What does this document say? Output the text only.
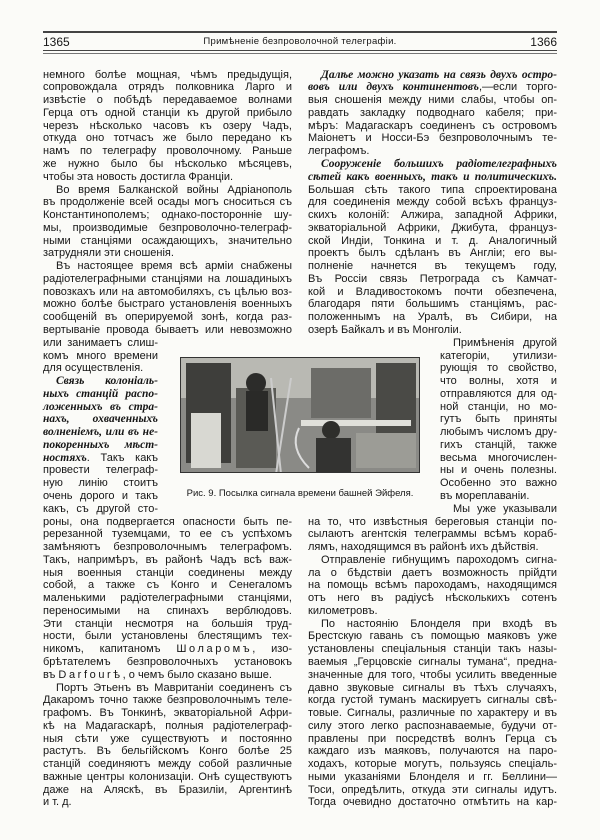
1365	Примѣненіе безпроволочной телеграфіи.	1366
Рис. 9. Посылка сигнала времени башней Эйфеля.
немного болѣе мощная, чѣмъ предыдущія,
сопровождала отрядъ полковника Ларго и
извѣстіе о побѣдѣ передаваемое волнами
Герца отъ одной станціи къ другой прибыло
черезъ нѣсколько часовъ къ озеру Чадъ,
откуда оно тотчасъ же было передано къ
намъ по телеграфу проволочному. Раньше
же нужно было бы нѣсколько мѣсяцевъ,
чтобы эта новость достигла Франціи.
Во время Балканской войны Адріанополь
въ продолженіе всей осады могъ сноситься съ
Константинополемъ; однако-посторонніе шу-
мы, производимые безпроволочно-телеграф-
ными станціями осаждающихъ, значительно
затрудняли эти сношенія.
Въ настоящее время всѣ арміи снабжены
радіотелеграфными станціями на лошадиныхъ
повозкахъ или на автомобиляхъ, съ цѣлью воз-
можно болѣе быстраго установленія военныхъ
сообщеній въ оперируемой зонѣ, когда раз-
вертываніе провода бываетъ или невозможно
или занимаетъ слиш-
комъ много времени
для осуществленія.
Связь колоніаль-
ныхъ станцій распо-
ложенныхъ въ стра-
нахъ, охваченныхъ
волненіемъ, или въ не-
покоренныхъ мѣст-
ностяхъ. Такъ какъ
провести телеграф-
ную линію стоитъ
очень дорого и такъ
какъ, съ другой сто-
роны, она подвергается опасности быть пе-
ререзанной туземцами, то ее съ успѣхомъ
замѣняютъ безпроволочнымъ телеграфомъ.
Такъ, напримѣръ, въ районѣ Чадъ всѣ важ-
ныя военныя станціи соединены между
собой, а также съ Конго и Сенегаломъ
маленькими радіотелеграфными станціями,
переносимыми на спинахъ верблюдовъ.
Эти станціи несмотря на большія труд-
ности, были установлены блестящимъ тех-
никомъ, капитаномъ Шоларомъ, изо-
брѣтателемъ безпроволочныхъ установокъ
въ Darfourѣ, о чемъ было сказано выше.
Портъ Этьенъ въ Мавританіи соединенъ съ
Дакаромъ точно также безпроволочнымъ теле-
графомъ. Въ Тонкинѣ, экваторіальной Афри-
кѣ на Мадагаскарѣ, полныя радіотелеграф-
ныя сѣти уже существуютъ и постоянно
растутъ. Въ бельгійскомъ Конго болѣе 25
станцій соединяютъ между собой различные
важные центры колонизаціи. Онѣ существуютъ
даже на Аляскѣ, въ Бразиліи, Аргентинѣ
и т. д.
Далѣе можно указать на связь двухъ остро-
вовъ или двухъ континентовъ,—если торго-
выя сношенія между ними слабы, чтобы оп-
равдать закладку подводнаго кабеля; при-
мѣръ: Мадагаскаръ соединенъ съ островомъ
Маіонетъ и Носси-Бэ безпроволочнымъ те-
леграфомъ.
Сооруженіе большихъ радіотелеграфныхъ
сѣтей какъ военныхъ, такъ и политическихъ.
Большая сѣть такого типа спроектирована
для соединенія между собой всѣхъ француз-
скихъ колоній: Алжира, западной Африки,
экваторіальной Африки, Джибута, француз-
ской Индіи, Тонкина и т. д. Аналогичный
проектъ былъ сдѣланъ въ Англіи; его вы-
полненіе начнется въ текущемъ году,
Въ Россіи связь Петрограда съ Камчат-
кой и Владивостокомъ почти обезпечена,
благодаря пяти большимъ станціямъ, рас-
положеннымъ на Уралѣ, въ Сибири, на
озерѣ Байкалъ и въ Монголіи.
Примѣненія другой
категоріи, утилизи-
рующія то свойство,
что волны, хотя и
отправляются для од-
ной станціи, но мо-
гутъ быть приняты
любымъ числомъ дру-
гихъ станцій, также
весьма многочислен-
ны и очень полезны.
Особенно это важно
въ мореплаваніи.
Мы уже указывали
на то, что извѣстныя береговыя станціи по-
сылаютъ агентскія телеграммы всѣмъ кораб-
лямъ, находящимся въ районѣ ихъ дѣйствія.
Отправленіе гибнущимъ пароходомъ сигна-
ла о бѣдствіи даетъ возможность прійдти
на помощь всѣмъ пароходамъ, находящимся
отъ него въ радіусѣ нѣсколькихъ сотенъ
километровъ.
По настоянію Блонделя при входѣ въ
Брестскую гавань съ помощью маяковъ уже
установлены спеціальныя станціи такъ назы-
ваемыя „Герцовскіе сигналы тумана“, предна-
значенные для того, чтобы усилить введенные
давно звуковые сигналы въ тѣхъ случаяхъ,
когда густой туманъ маскируетъ сигналы свѣ-
товые. Сигналы, различные по характеру и въ
силу этого легко распознаваемые, будучи от-
правлены при посредствѣ волнъ Герца съ
каждаго изъ маяковъ, получаются на паро-
ходахъ, которые могутъ, пользуясь спеціаль-
ными указаніями Блонделя и гг. Беллини—
Тоси, опредѣлить, откуда эти сигналы идутъ.
Тогда очевидно достаточно отмѣтить на кар-
